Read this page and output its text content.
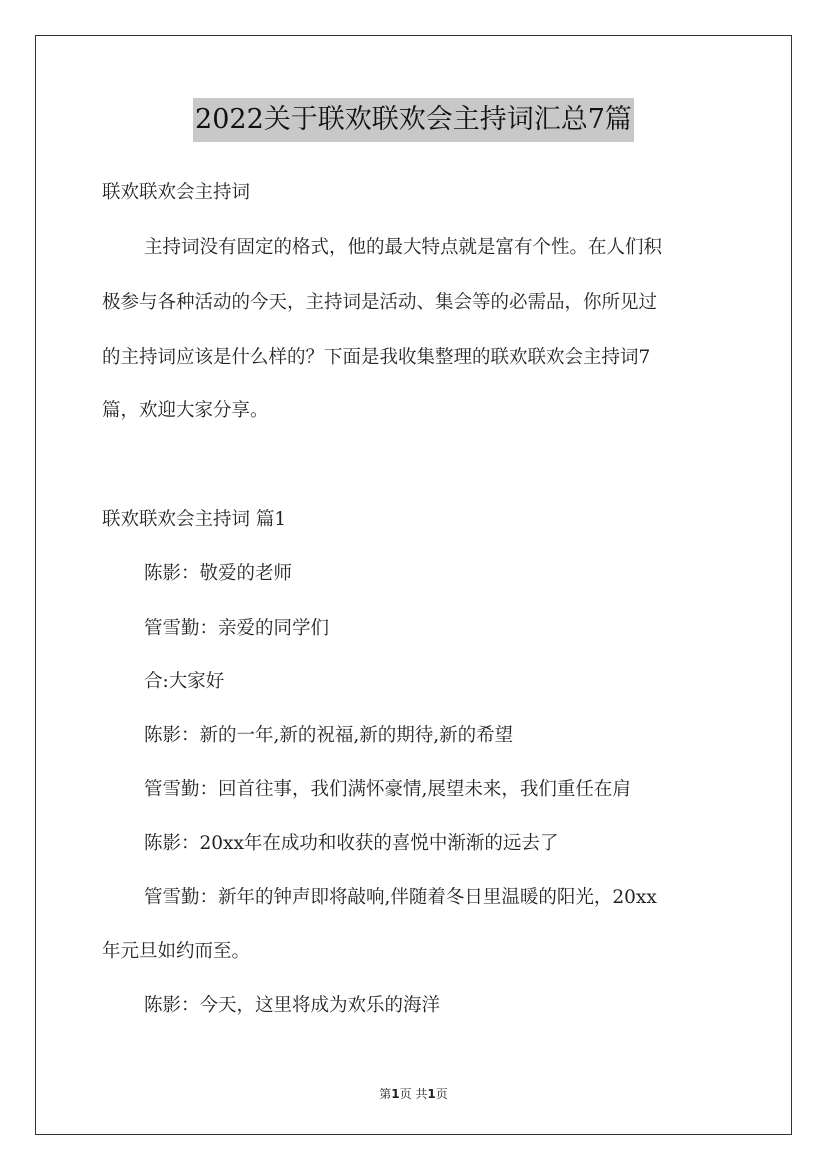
2022关于联欢联欢会主持词汇总7篇
联欢联欢会主持词
主持词没有固定的格式，他的最大特点就是富有个性。在人们积
极参与各种活动的今天，主持词是活动、集会等的必需品，你所见过
的主持词应该是什么样的？下面是我收集整理的联欢联欢会主持词7
篇，欢迎大家分享。
联欢联欢会主持词 篇1
陈影：敬爱的老师
管雪勤：亲爱的同学们
合:大家好
陈影：新的一年,新的祝福,新的期待,新的希望
管雪勤：回首往事，我们满怀豪情,展望未来，我们重任在肩
陈影：20xx年在成功和收获的喜悦中渐渐的远去了
管雪勤：新年的钟声即将敲响,伴随着冬日里温暖的阳光，20xx
年元旦如约而至。
陈影：今天，这里将成为欢乐的海洋
第1页 共1页
